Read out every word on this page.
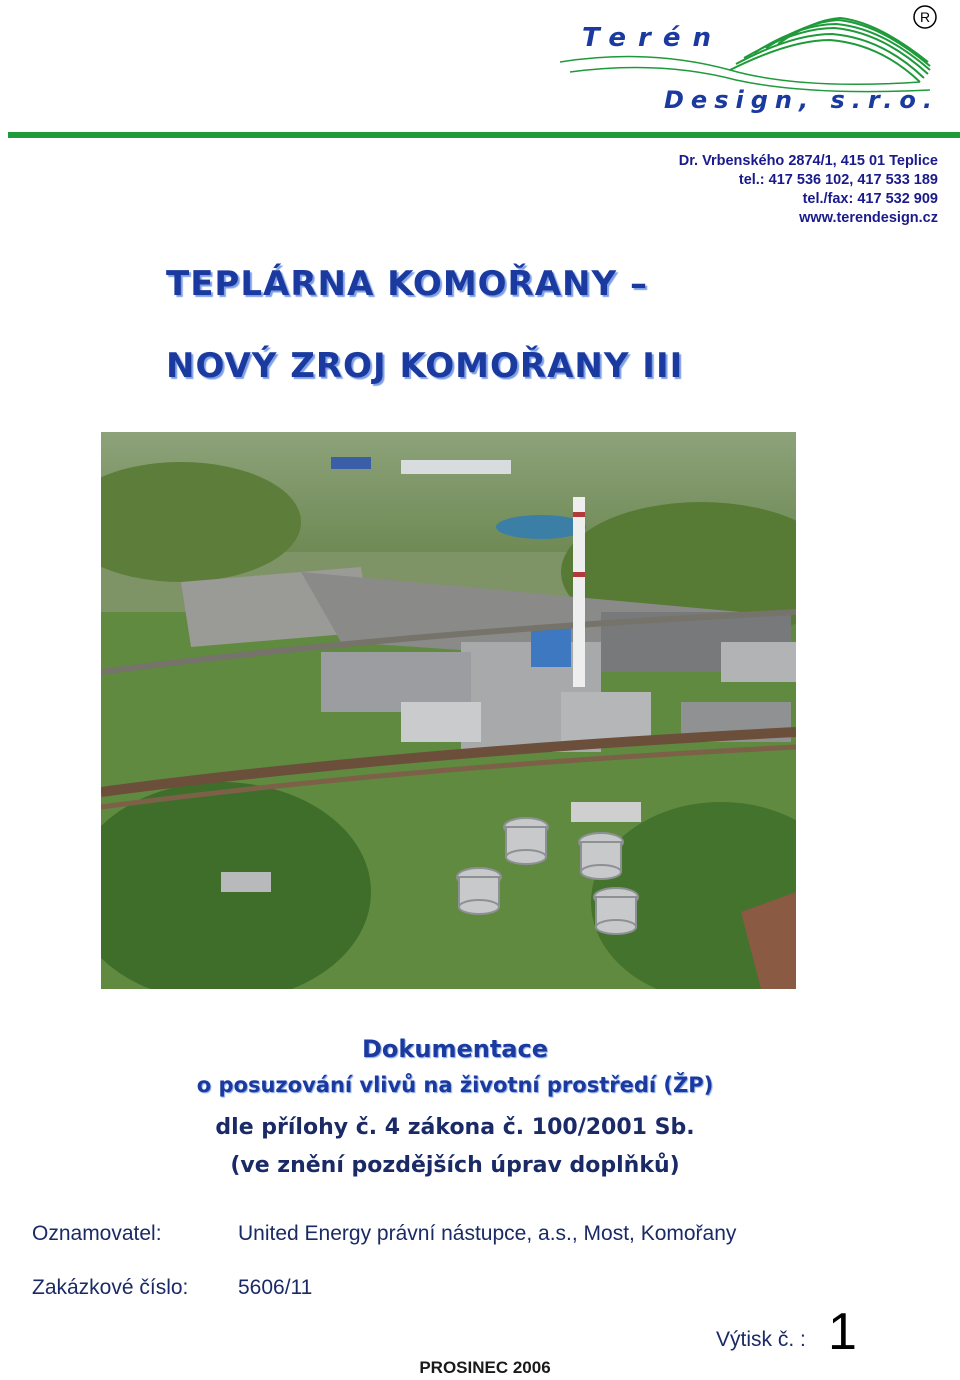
Terén
Design, s.r.o.
R
Dr. Vrbenského 2874/1, 415 01 Teplice
tel.: 417 536 102, 417 533 189
tel./fax: 417 532 909
www.terendesign.cz
TEPLÁRNA KOMOŘANY –
NOVÝ ZROJ KOMOŘANY III
Dokumentace
o posuzování vlivů na životní prostředí (ŽP)
dle přílohy č. 4 zákona č. 100/2001 Sb.
(ve znění pozdějších úprav doplňků)
Oznamovatel:	United Energy právní nástupce, a.s., Most, Komořany
Zakázkové číslo: 5606/11
Výtisk č. : 1
PROSINEC 2006
